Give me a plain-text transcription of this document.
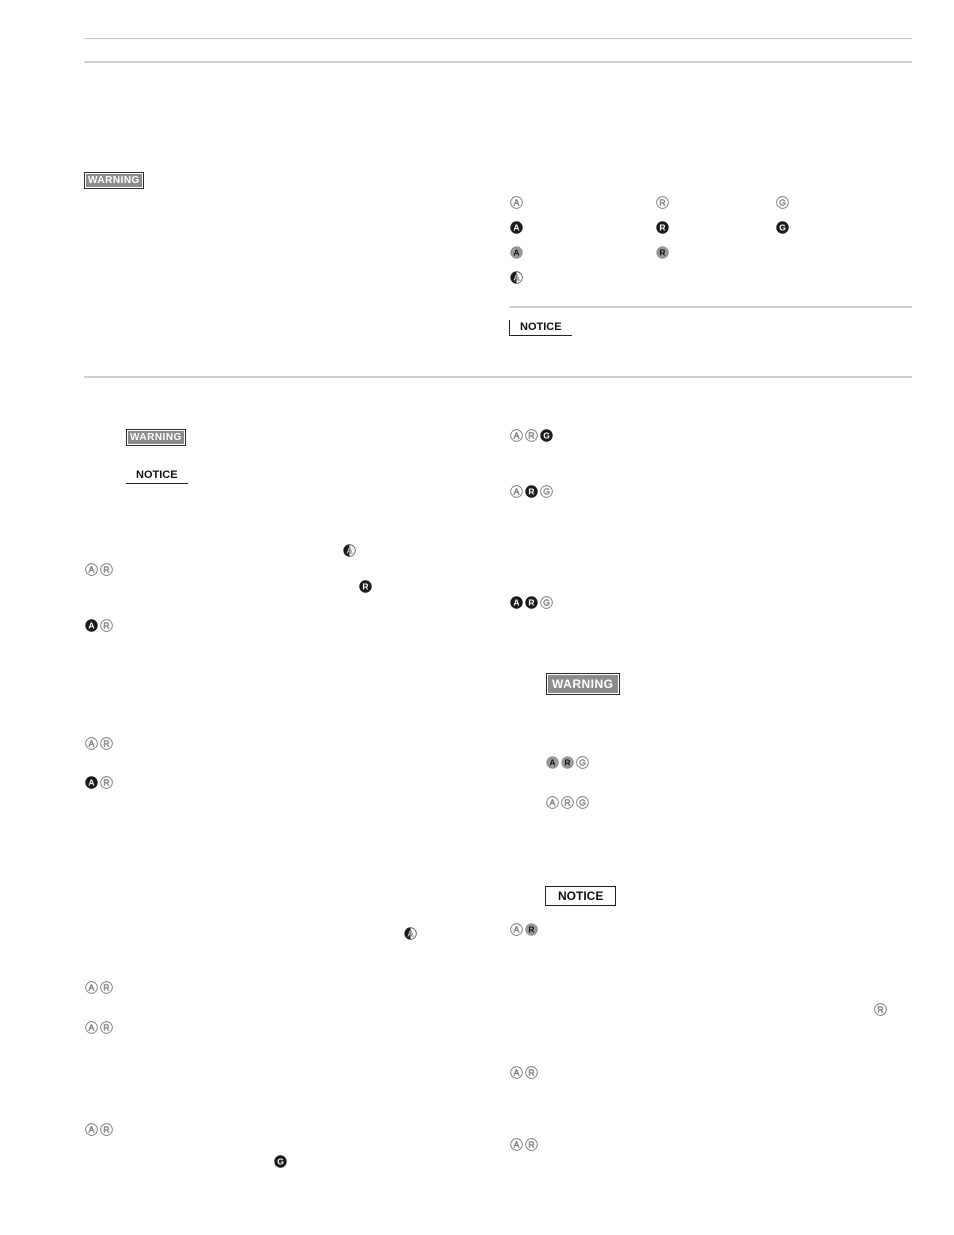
WARNING
WARNING
WARNING
NOTICE
NOTICE
NOTICE
A	R	G
A	R	G
A	R
A
A
A R
R
A R
A R
A R
A
A R
A R
A R
G
A R G
A R G
A R G
A R G
A R G
A R
R
A R
A R
